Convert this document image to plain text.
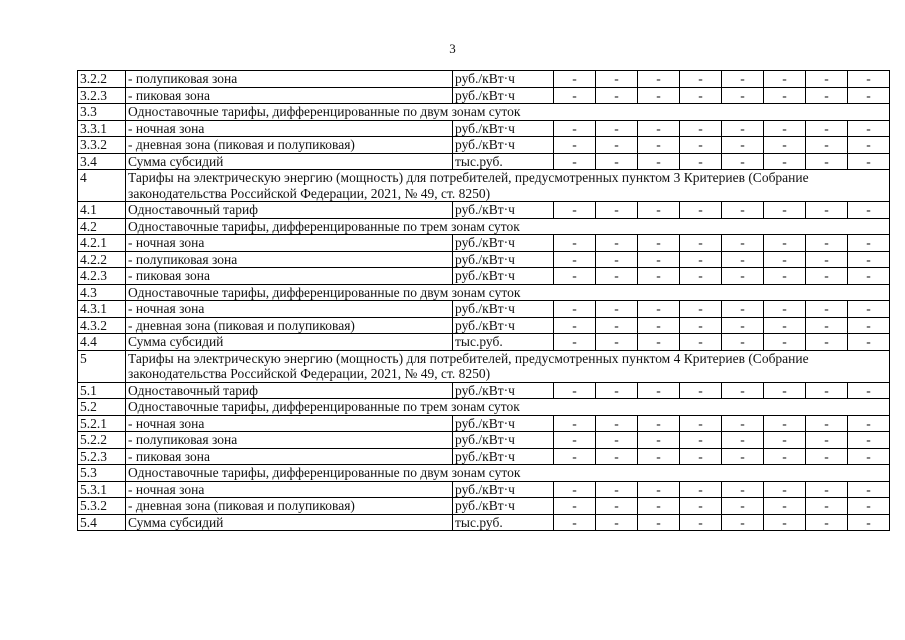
3
3.2.2	- полупиковая зона	руб./кВт·ч	-	-	-	-	-	-	-	-
3.2.3	- пиковая зона	руб./кВт·ч	-	-	-	-	-	-	-	-
3.3	Одноставочные тарифы, дифференцированные по двум зонам суток									
3.3.1	- ночная зона	руб./кВт·ч	-	-	-	-	-	-	-	-
3.3.2	- дневная зона (пиковая и полупиковая)	руб./кВт·ч	-	-	-	-	-	-	-	-
3.4	Сумма субсидий	тыс.руб.	-	-	-	-	-	-	-	-
4	Тарифы на электрическую энергию (мощность) для потребителей, предусмотренных пунктом 3 Критериев (Собрание законодательства Российской Федерации, 2021, № 49, ст. 8250)									
4.1	Одноставочный тариф	руб./кВт·ч	-	-	-	-	-	-	-	-
4.2	Одноставочные тарифы, дифференцированные по трем зонам суток									
4.2.1	- ночная зона	руб./кВт·ч	-	-	-	-	-	-	-	-
4.2.2	- полупиковая зона	руб./кВт·ч	-	-	-	-	-	-	-	-
4.2.3	- пиковая зона	руб./кВт·ч	-	-	-	-	-	-	-	-
4.3	Одноставочные тарифы, дифференцированные по двум зонам суток									
4.3.1	- ночная зона	руб./кВт·ч	-	-	-	-	-	-	-	-
4.3.2	- дневная зона (пиковая и полупиковая)	руб./кВт·ч	-	-	-	-	-	-	-	-
4.4	Сумма субсидий	тыс.руб.	-	-	-	-	-	-	-	-
5	Тарифы на электрическую энергию (мощность) для потребителей, предусмотренных пунктом 4 Критериев (Собрание законодательства Российской Федерации, 2021, № 49, ст. 8250)									
5.1	Одноставочный тариф	руб./кВт·ч	-	-	-	-	-	-	-	-
5.2	Одноставочные тарифы, дифференцированные по трем зонам суток									
5.2.1	- ночная зона	руб./кВт·ч	-	-	-	-	-	-	-	-
5.2.2	- полупиковая зона	руб./кВт·ч	-	-	-	-	-	-	-	-
5.2.3	- пиковая зона	руб./кВт·ч	-	-	-	-	-	-	-	-
5.3	Одноставочные тарифы, дифференцированные по двум зонам суток									
5.3.1	- ночная зона	руб./кВт·ч	-	-	-	-	-	-	-	-
5.3.2	- дневная зона (пиковая и полупиковая)	руб./кВт·ч	-	-	-	-	-	-	-	-
5.4	Сумма субсидий	тыс.руб.	-	-	-	-	-	-	-	-
